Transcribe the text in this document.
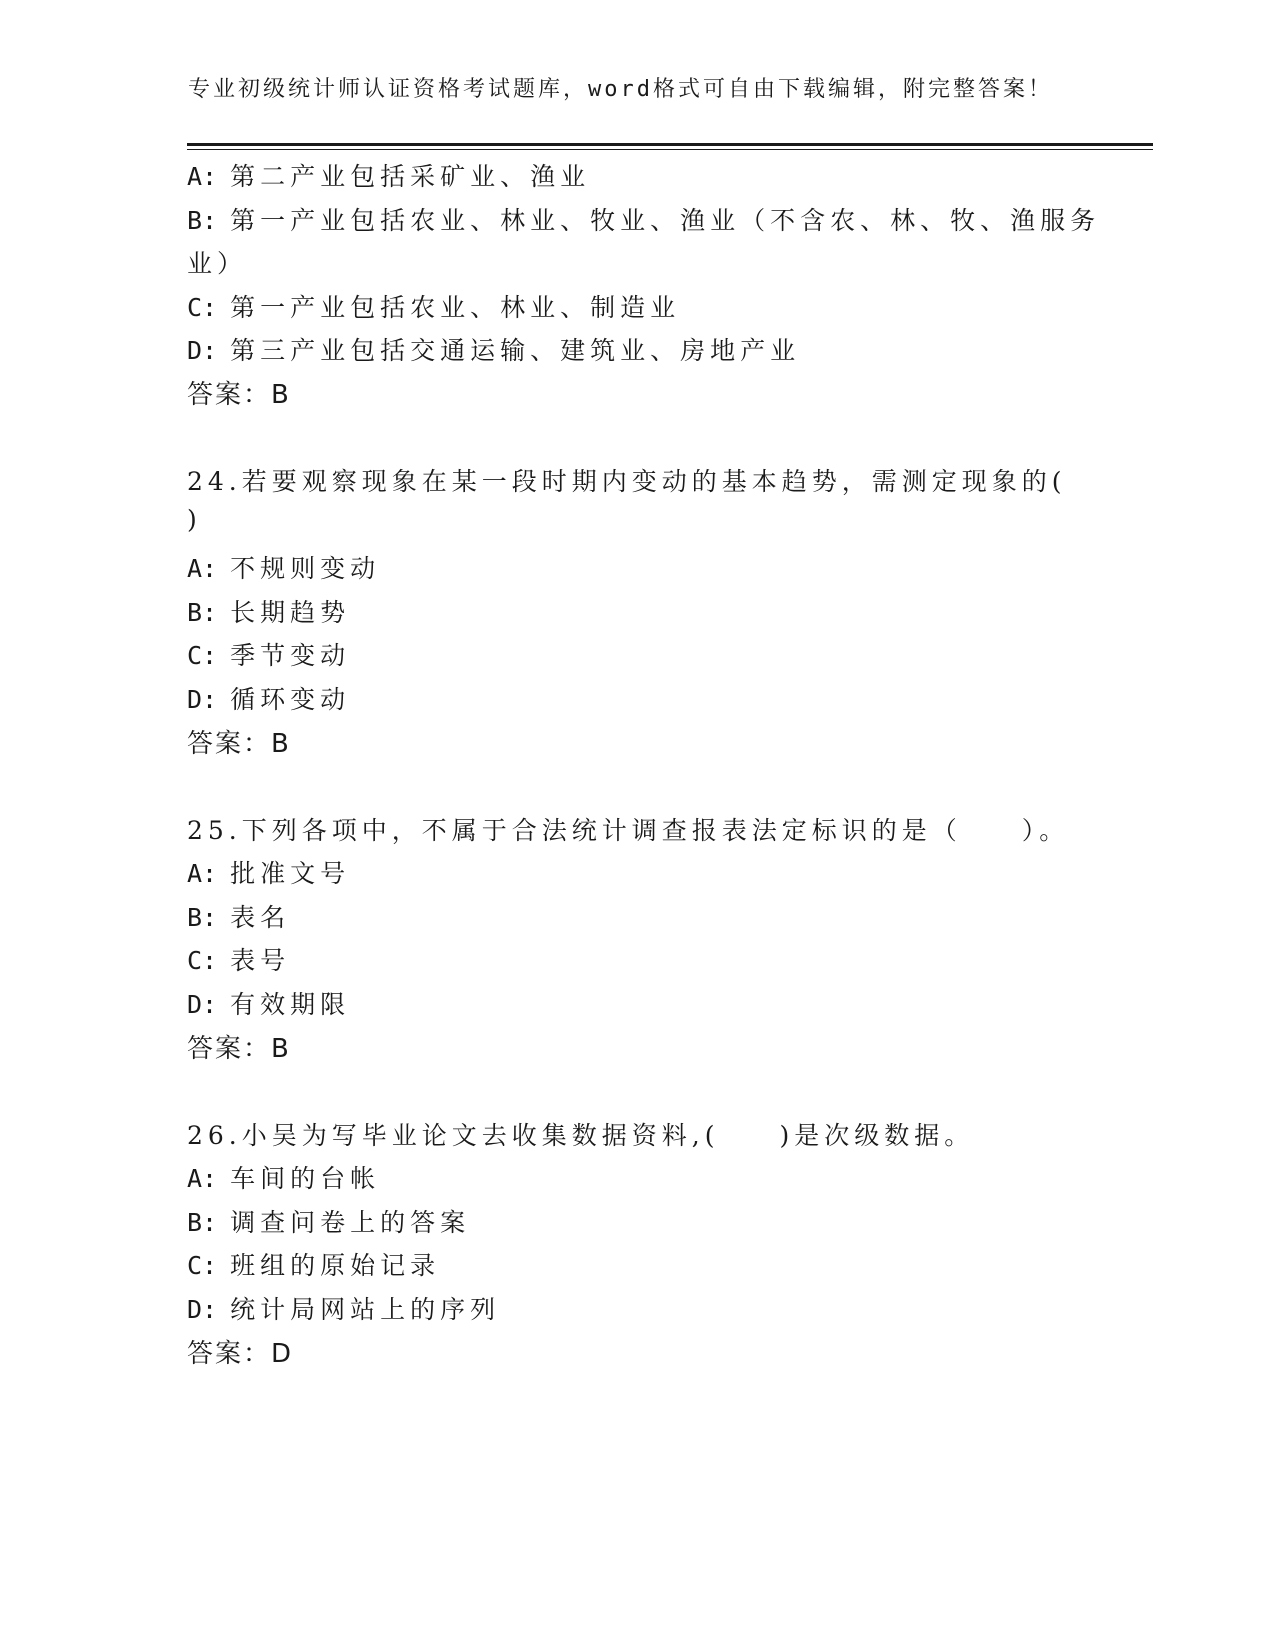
专业初级统计师认证资格考试题库，word格式可自由下载编辑，附完整答案！
A: 第二产业包括采矿业、渔业
B: 第一产业包括农业、林业、牧业、渔业（不含农、林、牧、渔服务
业）
C: 第一产业包括农业、林业、制造业
D: 第三产业包括交通运输、建筑业、房地产业
答案：B
24.若要观察现象在某一段时期内变动的基本趋势，需测定现象的(
)
A: 不规则变动
B: 长期趋势
C: 季节变动
D: 循环变动
答案：B
25.下列各项中，不属于合法统计调查报表法定标识的是（　　）。
A: 批准文号
B: 表名
C: 表号
D: 有效期限
答案：B
26.小吴为写毕业论文去收集数据资料,(　　)是次级数据。
A: 车间的台帐
B: 调查问卷上的答案
C: 班组的原始记录
D: 统计局网站上的序列
答案：D
